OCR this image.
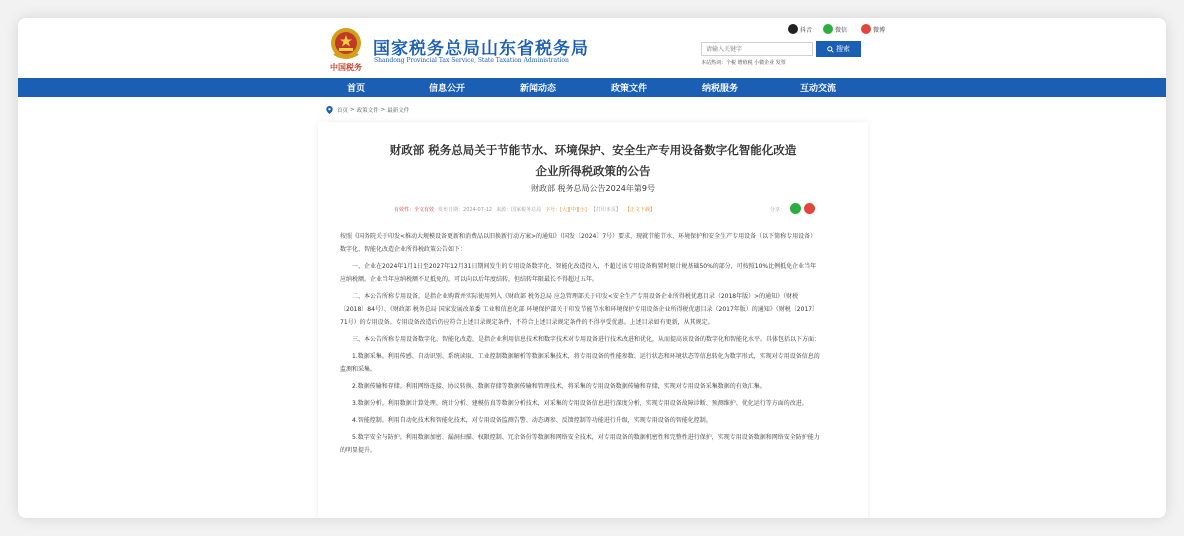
中国税务
国家税务总局山东省税务局
Shandong Provincial Tax Service, State Taxation Administration
抖音	微信	微博
请输入关键字
搜索
本站热词：个税 增值税 小微企业 发票
首页	信息公开	新闻动态	政策文件	纳税服务	互动交流
首页 > 政策文件 > 最新文件
财政部 税务总局关于节能节水、环境保护、安全生产专用设备数字化智能化改造
企业所得税政策的公告
财政部 税务总局公告2024年第9号
有效性：全文有效 发布日期：2024-07-12 来源：国家税务总局 字号：[大][中][小] 【打印本页】 【正文下载】	分享：

按照《国务院关于印发<推动大规模设备更新和消费品以旧换新行动方案>的通知》（国发〔2024〕7号）要求，现就节能节水、环境保护和安全生产专用设备（以下简称专用设备）数字化、智能化改造企业所得税政策公告如下：

一、企业在2024年1月1日至2027年12月31日期间发生的专用设备数字化、智能化改造投入，不超过该专用设备购置时原计税基础50%的部分，可按照10%比例抵免企业当年应纳税额。企业当年应纳税额不足抵免的，可以向以后年度结转，但结转年限最长不得超过五年。

二、本公告所称专用设备，是指企业购置并实际使用列入《财政部 税务总局 应急管理部关于印发<安全生产专用设备企业所得税优惠目录（2018年版）>的通知》（财税〔2018〕84号）、《财政部 税务总局 国家发展改革委 工业和信息化部 环境保护部关于印发节能节水和环境保护专用设备企业所得税优惠目录（2017年版）的通知》（财税〔2017〕71号）的专用设备。专用设备改造后仍应符合上述目录规定条件，不符合上述目录规定条件的不得享受优惠。上述目录如有更新，从其规定。

三、本公告所称专用设备数字化、智能化改造，是指企业利用信息技术和数字技术对专用设备进行技术改进和优化，从而提高该设备的数字化和智能化水平。具体包括以下方面：

1.数据采集。利用传感、自动识别、系统读取、工业控制数据解析等数据采集技术，将专用设备的性能参数、运行状态和环境状态等信息转化为数字形式，实现对专用设备信息的监测和采集。

2.数据传输和存储。利用网络连接、协议转换、数据存储等数据传输和管理技术，将采集的专用设备数据传输和存储，实现对专用设备采集数据的有效汇集。

3.数据分析。利用数据计算处理、统计分析、建模仿真等数据分析技术，对采集的专用设备信息进行深度分析，实现专用设备故障诊断、预测维护、优化运行等方面的改进。

4.智能控制。利用自动化技术和智能化技术，对专用设备监测告警、动态调参、反馈控制等功能进行升级，实现专用设备的智能化控制。

5.数字安全与防护。利用数据加密、漏洞扫描、权限控制、冗余备份等数据和网络安全技术，对专用设备的数据机密性和完整性进行保护，实现专用设备数据和网络安全防护能力的明显提升。
